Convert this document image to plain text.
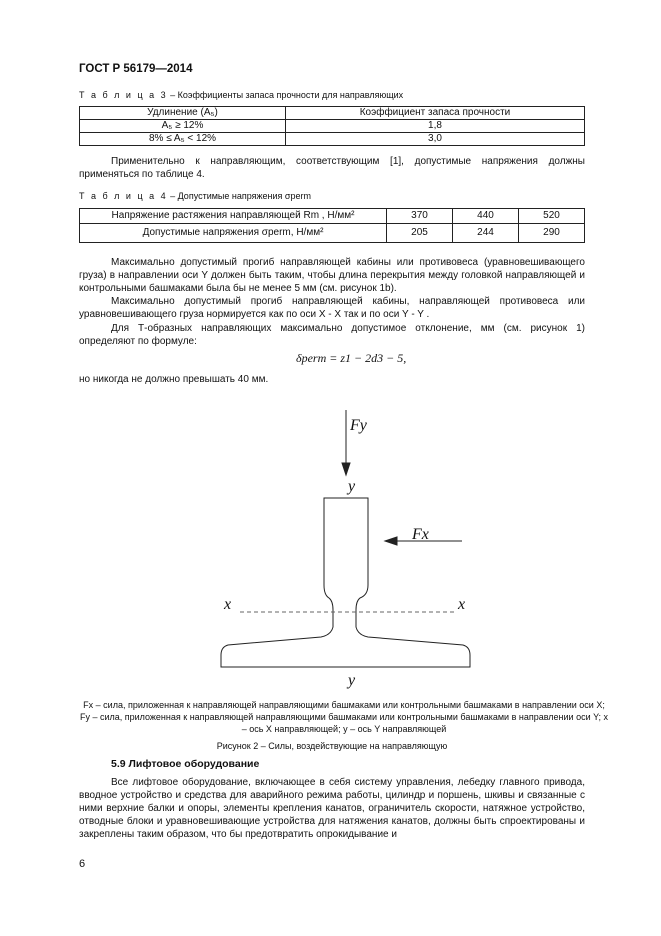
ГОСТ Р 56179—2014
Т а б л и ц а 3 – Коэффициенты запаса прочности для направляющих
Удлинение (A₅)	Коэффициент запаса прочности
A₅ ≥ 12%	1,8
8% ≤ A₅ < 12%	3,0
Применительно к направляющим, соответствующим [1], допустимые напряжения должны применяться по таблице 4.
Т а б л и ц а 4 – Допустимые напряжения σperm
Напряжение растяжения направляющей Rm , Н/мм²	370	440	520
Допустимые напряжения σperm, Н/мм²	205	244	290
Максимально допустимый прогиб направляющей кабины или противовеса (уравновешивающего груза) в направлении оси Y должен быть таким, чтобы длина перекрытия между головкой направляющей и контрольными башмаками была бы не менее 5 мм (см. рисунок 1b).
Максимально допустимый прогиб направляющей кабины, направляющей противовеса или уравновешивающего груза нормируется как по оси X - X так и по оси Y - Y .
Для Т-образных направляющих максимально допустимое отклонение, мм (см. рисунок 1) определяют по формуле:
δperm = z1 − 2d3 − 5,
но никогда не должно превышать 40 мм.
Fy
y
Fx
x	x
y
Fx – сила, приложенная к направляющей направляющими башмаками или контрольными башмаками в направлении оси X; Fy – сила, приложенная к направляющей направляющими башмаками или контрольными башмаками в направлении оси Y; x – ось X направляющей; y – ось Y направляющей
Рисунок 2 – Силы, воздействующие на направляющую
5.9 Лифтовое оборудование
Все лифтовое оборудование, включающее в себя систему управления, лебедку главного привода, вводное устройство и средства для аварийного режима работы, цилиндр и поршень, шкивы и связанные с ними верхние балки и опоры, элементы крепления канатов, ограничитель скорости, натяжное устройство, отводные блоки и уравновешивающие устройства для натяжения канатов, должны быть спроектированы и закреплены таким образом, что бы предотвратить опрокидывание и
6
